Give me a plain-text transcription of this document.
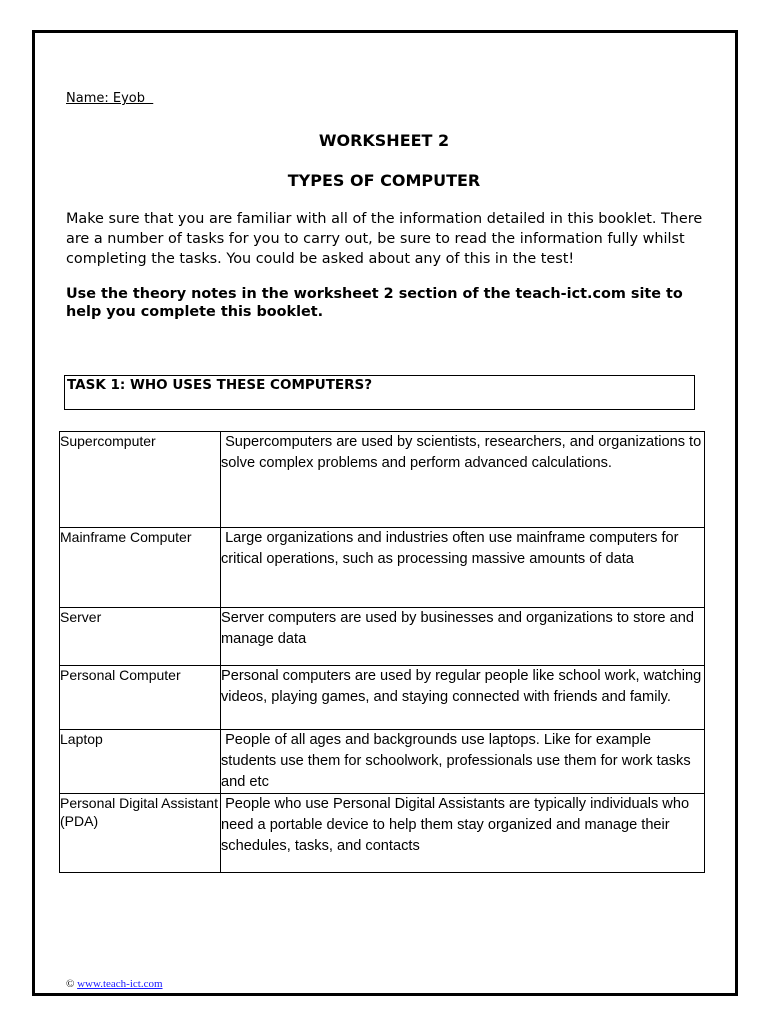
Name: Eyob
WORKSHEET 2
TYPES OF COMPUTER
Make sure that you are familiar with all of the information detailed in this booklet. There are a number of tasks for you to carry out, be sure to read the information fully whilst completing the tasks. You could be asked about any of this in the test!
Use the theory notes in the worksheet 2 section of the teach-ict.com site to help you complete this booklet.
TASK 1: WHO USES THESE COMPUTERS?
Supercomputer	Supercomputers are used by scientists, researchers, and organizations to solve complex problems and perform advanced calculations.
Mainframe Computer	Large organizations and industries often use mainframe computers for critical operations, such as processing massive amounts of data
Server	Server computers are used by businesses and organizations to store and manage data
Personal Computer	Personal computers are used by regular people like school work, watching videos, playing games, and staying connected with friends and family.
Laptop	People of all ages and backgrounds use laptops. Like for example students use them for schoolwork, professionals use them for work tasks and etc
Personal Digital Assistant (PDA)	People who use Personal Digital Assistants are typically individuals who need a portable device to help them stay organized and manage their schedules, tasks, and contacts
© www.teach-ict.com
